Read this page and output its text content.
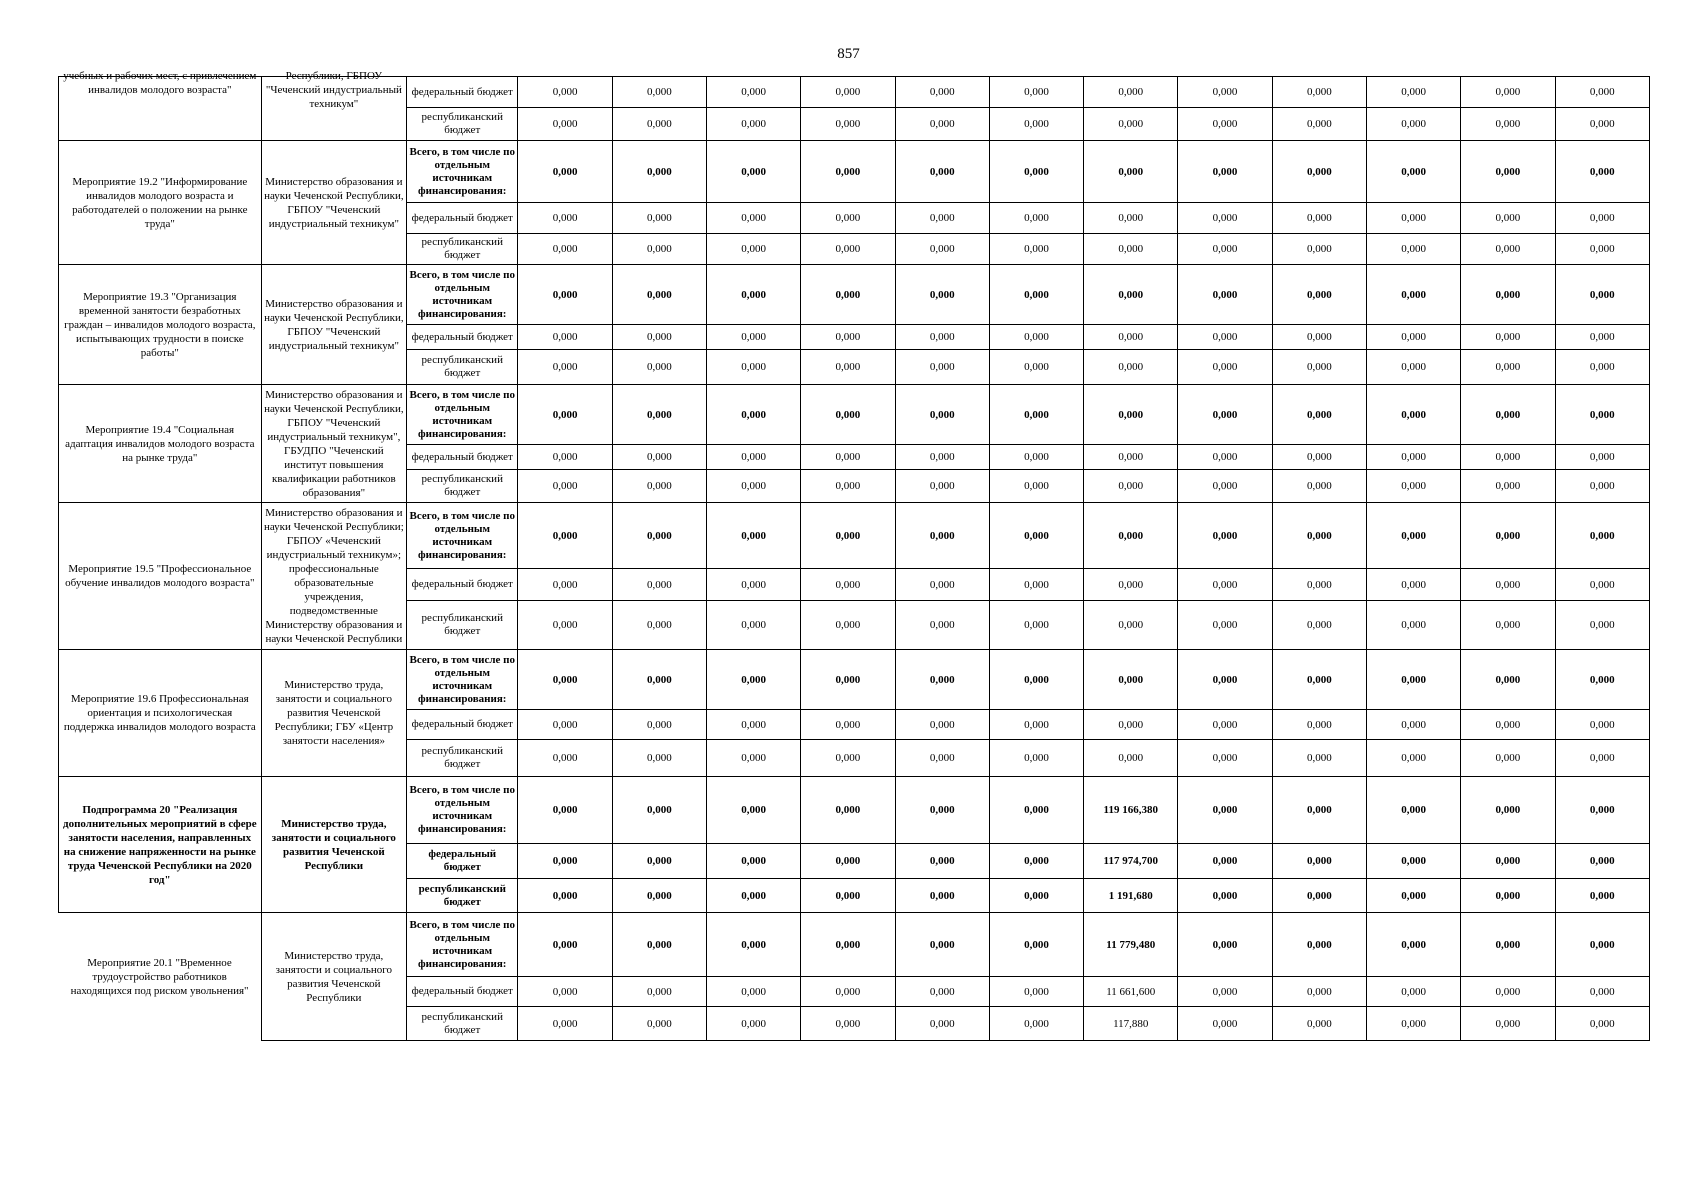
857
учебных и рабочих мест, с привлечением инвалидов молодого возраста"	Республики, ГБПОУ "Чеченский индустриальный техникум"	федеральный бюджет	0,000	0,000	0,000	0,000	0,000	0,000	0,000	0,000	0,000	0,000	0,000	0,000
		республиканский бюджет	0,000	0,000	0,000	0,000	0,000	0,000	0,000	0,000	0,000	0,000	0,000	0,000
Мероприятие 19.2 "Информирование инвалидов молодого возраста и работодателей о положении на рынке труда"	Министерство образования и науки Чеченской Республики, ГБПОУ "Чеченский индустриальный техникум"	Всего, в том числе по отдельным источникам финансирования:	0,000	0,000	0,000	0,000	0,000	0,000	0,000	0,000	0,000	0,000	0,000	0,000
		федеральный бюджет	0,000	0,000	0,000	0,000	0,000	0,000	0,000	0,000	0,000	0,000	0,000	0,000
		республиканский бюджет	0,000	0,000	0,000	0,000	0,000	0,000	0,000	0,000	0,000	0,000	0,000	0,000
Мероприятие 19.3 "Организация временной занятости безработных граждан – инвалидов молодого возраста, испытывающих трудности в поиске работы"	Министерство образования и науки Чеченской Республики, ГБПОУ "Чеченский индустриальный техникум"	Всего, в том числе по отдельным источникам финансирования:	0,000	0,000	0,000	0,000	0,000	0,000	0,000	0,000	0,000	0,000	0,000	0,000
		федеральный бюджет	0,000	0,000	0,000	0,000	0,000	0,000	0,000	0,000	0,000	0,000	0,000	0,000
		республиканский бюджет	0,000	0,000	0,000	0,000	0,000	0,000	0,000	0,000	0,000	0,000	0,000	0,000
Мероприятие 19.4 "Социальная адаптация инвалидов молодого возраста на рынке труда"	Министерство образования и науки Чеченской Республики, ГБПОУ "Чеченский индустриальный техникум", ГБУДПО "Чеченский институт повышения квалификации работников образования"	Всего, в том числе по отдельным источникам финансирования:	0,000	0,000	0,000	0,000	0,000	0,000	0,000	0,000	0,000	0,000	0,000	0,000
		федеральный бюджет	0,000	0,000	0,000	0,000	0,000	0,000	0,000	0,000	0,000	0,000	0,000	0,000
		республиканский бюджет	0,000	0,000	0,000	0,000	0,000	0,000	0,000	0,000	0,000	0,000	0,000	0,000
Мероприятие 19.5 "Профессиональное обучение инвалидов молодого возраста"	Министерство образования и науки Чеченской Республики; ГБПОУ «Чеченский индустриальный техникум»; профессиональные образовательные учреждения, подведомственные Министерству образования и науки Чеченской Республики	Всего, в том числе по отдельным источникам финансирования:	0,000	0,000	0,000	0,000	0,000	0,000	0,000	0,000	0,000	0,000	0,000	0,000
		федеральный бюджет	0,000	0,000	0,000	0,000	0,000	0,000	0,000	0,000	0,000	0,000	0,000	0,000
		республиканский бюджет	0,000	0,000	0,000	0,000	0,000	0,000	0,000	0,000	0,000	0,000	0,000	0,000
Мероприятие 19.6 Профессиональная ориентация и психологическая поддержка инвалидов молодого возраста	Министерство труда, занятости и социального развития Чеченской Республики; ГБУ «Центр занятости населения»	Всего, в том числе по отдельным источникам финансирования:	0,000	0,000	0,000	0,000	0,000	0,000	0,000	0,000	0,000	0,000	0,000	0,000
		федеральный бюджет	0,000	0,000	0,000	0,000	0,000	0,000	0,000	0,000	0,000	0,000	0,000	0,000
		республиканский бюджет	0,000	0,000	0,000	0,000	0,000	0,000	0,000	0,000	0,000	0,000	0,000	0,000
Подпрограмма 20 "Реализация дополнительных мероприятий в сфере занятости населения, направленных на снижение напряженности на рынке труда Чеченской Республики на 2020 год"	Министерство труда, занятости и социального развития Чеченской Республики	Всего, в том числе по отдельным источникам финансирования:	0,000	0,000	0,000	0,000	0,000	0,000	119 166,380	0,000	0,000	0,000	0,000	0,000
		федеральный бюджет	0,000	0,000	0,000	0,000	0,000	0,000	117 974,700	0,000	0,000	0,000	0,000	0,000
		республиканский бюджет	0,000	0,000	0,000	0,000	0,000	0,000	1 191,680	0,000	0,000	0,000	0,000	0,000
Мероприятие 20.1 "Временное трудоустройство работников находящихся под риском увольнения"	Министерство труда, занятости и социального развития Чеченской Республики	Всего, в том числе по отдельным источникам финансирования:	0,000	0,000	0,000	0,000	0,000	0,000	11 779,480	0,000	0,000	0,000	0,000	0,000
		федеральный бюджет	0,000	0,000	0,000	0,000	0,000	0,000	11 661,600	0,000	0,000	0,000	0,000	0,000
		республиканский бюджет	0,000	0,000	0,000	0,000	0,000	0,000	117,880	0,000	0,000	0,000	0,000	0,000
